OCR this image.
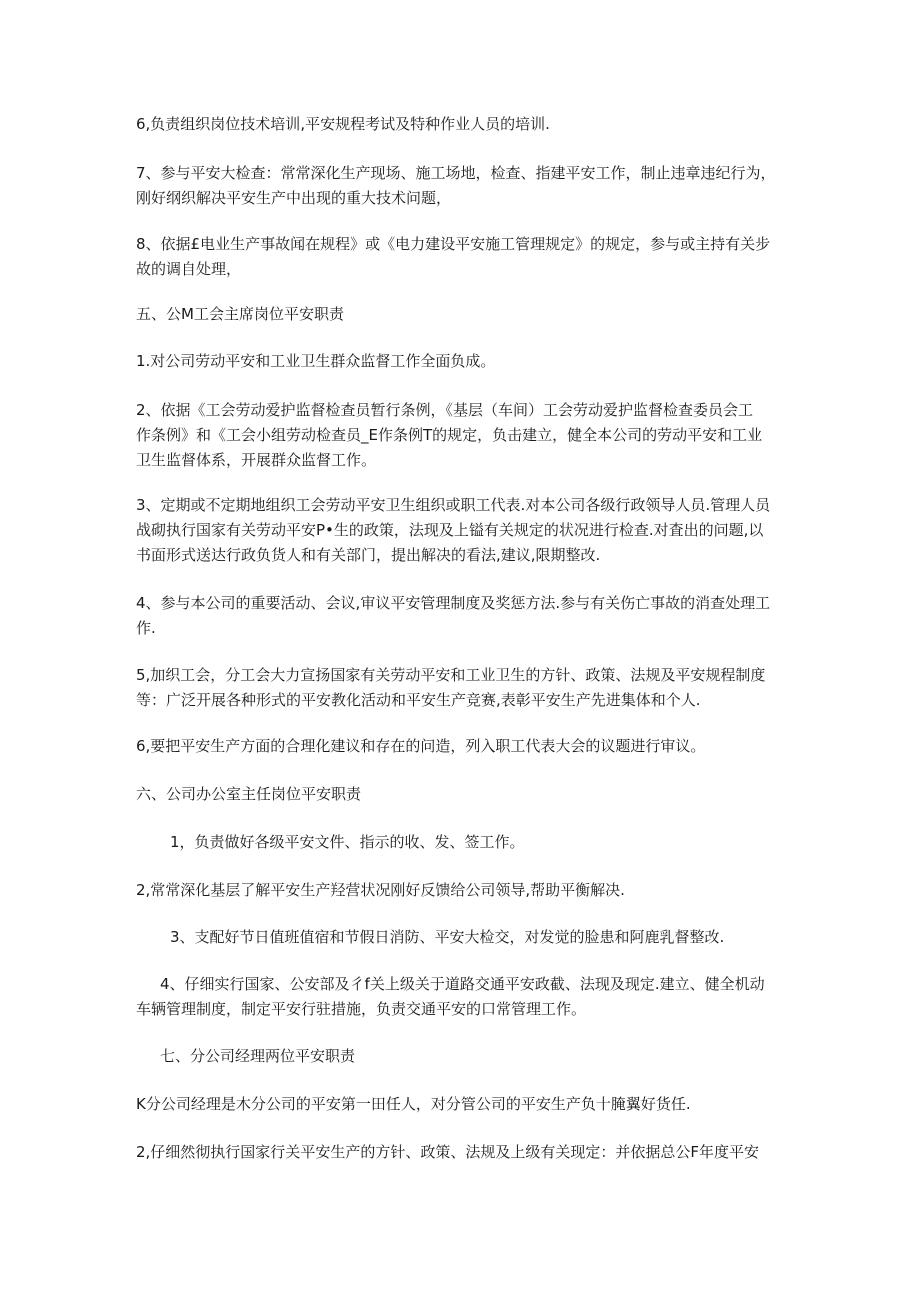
6,负责组织岗位技术培训,平安规程考试及特种作业人员的培训.

7、参与平安大检查：常常深化生产现场、施工场地，检查、指建平安工作，制止违章违纪行为，
刚好纲织解决平安生产中出现的重大技术问题，

8、依据£电业生产事故闻在规程》或《电力建设平安施工管理规定》的规定，参与或主持有关步
故的调自处理，

五、公M工会主席岗位平安职责

1.对公司劳动平安和工业卫生群众监督工作全面负成。

2、依据《工会劳动爱护监督检查员暂行条例，《基层（车间）工会劳动爱护监督检查委员会工
作条例》和《工会小组劳动检查员_E作条例T的规定，负击建立，健全本公司的劳动平安和工业
卫生监督体系，开展群众监督工作。

3、定期或不定期地组织工会劳动平安卫生组织或职工代表.对本公司各级行政领导人员.管理人员
战砌执行国家有关劳动平安P•生的政策，法现及上镒有关规定的状况进行检查.对査出的问题,以
书面形式送达行政负货人和有关部门，提出解决的看法,建议,限期整改.

4、参与本公司的重要活动、会议,审议平安管理制度及奖惩方法.参与有关伤亡事故的消查处理工
作.

5,加织工会，分工会大力宣扬国家有关劳动平安和工业卫生的方针、政策、法规及平安规程制度
等：广泛开展各种形式的平安教化活动和平安生产竞赛,表彰平安生产先进集体和个人.

6,要把平安生产方面的合理化建议和存在的问造，列入职工代表大会的议题进行审议。

六、公司办公室主任岗位平安职责

1，负责做好各级平安文件、指示的收、发、签工作。

2,常常深化基层了解平安生产羟营状况刚好反馈给公司领导,帮助平衡解决.

3、支配好节日值班值宿和节假日消防、平安大检交，对发觉的脸患和阿鹿乳督整改.

4、仔细实行国家、公安部及彳f关上级关于道路交通平安政截、法现及现定.建立、健全机动
车辆管理制度，制定平安行驻措施，负责交通平安的口常管理工作。

七、分公司经理两位平安职责

K分公司经理是木分公司的平安第一田任人，对分管公司的平安生产负十腌翼好货任.

2,仔细然彻执行国家行关平安生产的方针、政策、法规及上级有关现定：并依据总公F年度平安
